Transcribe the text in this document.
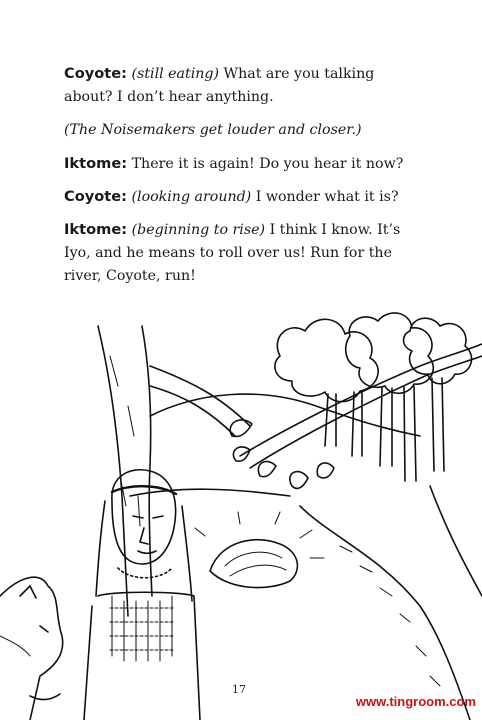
Coyote: (still eating) What are you talking about? I don’t hear anything.

(The Noisemakers get louder and closer.)

Iktome: There it is again! Do you hear it now?

Coyote: (looking around) I wonder what it is?

Iktome: (beginning to rise) I think I know. It’s Iyo, and he means to roll over us! Run for the river, Coyote, run!

17
www.tingroom.com
